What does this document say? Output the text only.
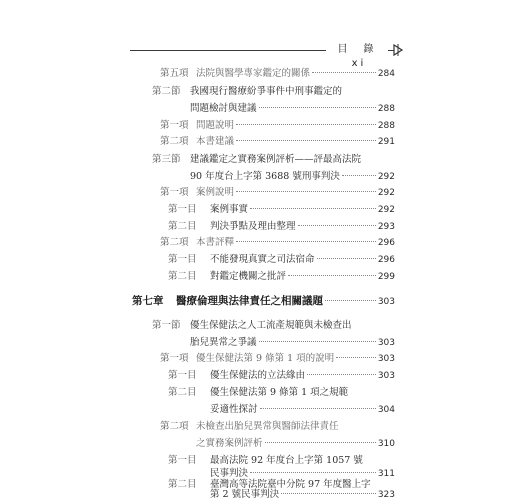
目　錄 xi
第五項 法院與醫學專家鑑定的關係	284
第二節 我國現行醫療紛爭事件中刑事鑑定的
問題檢討與建議	288
第一項 問題說明	288
第二項 本書建議	291
第三節 建議鑑定之實務案例評析——評最高法院
90 年度台上字第 3688 號刑事判決	292
第一項 案例說明	292
第一目	案例事實	292
第二目	判決爭點及理由整理	293
第二項 本書評釋	296
第一目	不能發現真實之司法宿命	296
第二目	對鑑定機關之批評	299
第七章	醫療倫理與法律責任之相關議題	303
第一節 優生保健法之人工流產規範與未檢查出
胎兒異常之爭議	303
第一項 優生保健法第 9 條第 1 項的說明	303
第一目	優生保健法的立法緣由	303
第二目	優生保健法第 9 條第 1 項之規範
妥適性探討	304
第二項 未檢查出胎兒異常與醫師法律責任
之實務案例評析	310
第一目	最高法院 92 年度台上字第 1057 號
民事判決	311
第二目	臺灣高等法院臺中分院 97 年度醫上字
第 2 號民事判決	323
